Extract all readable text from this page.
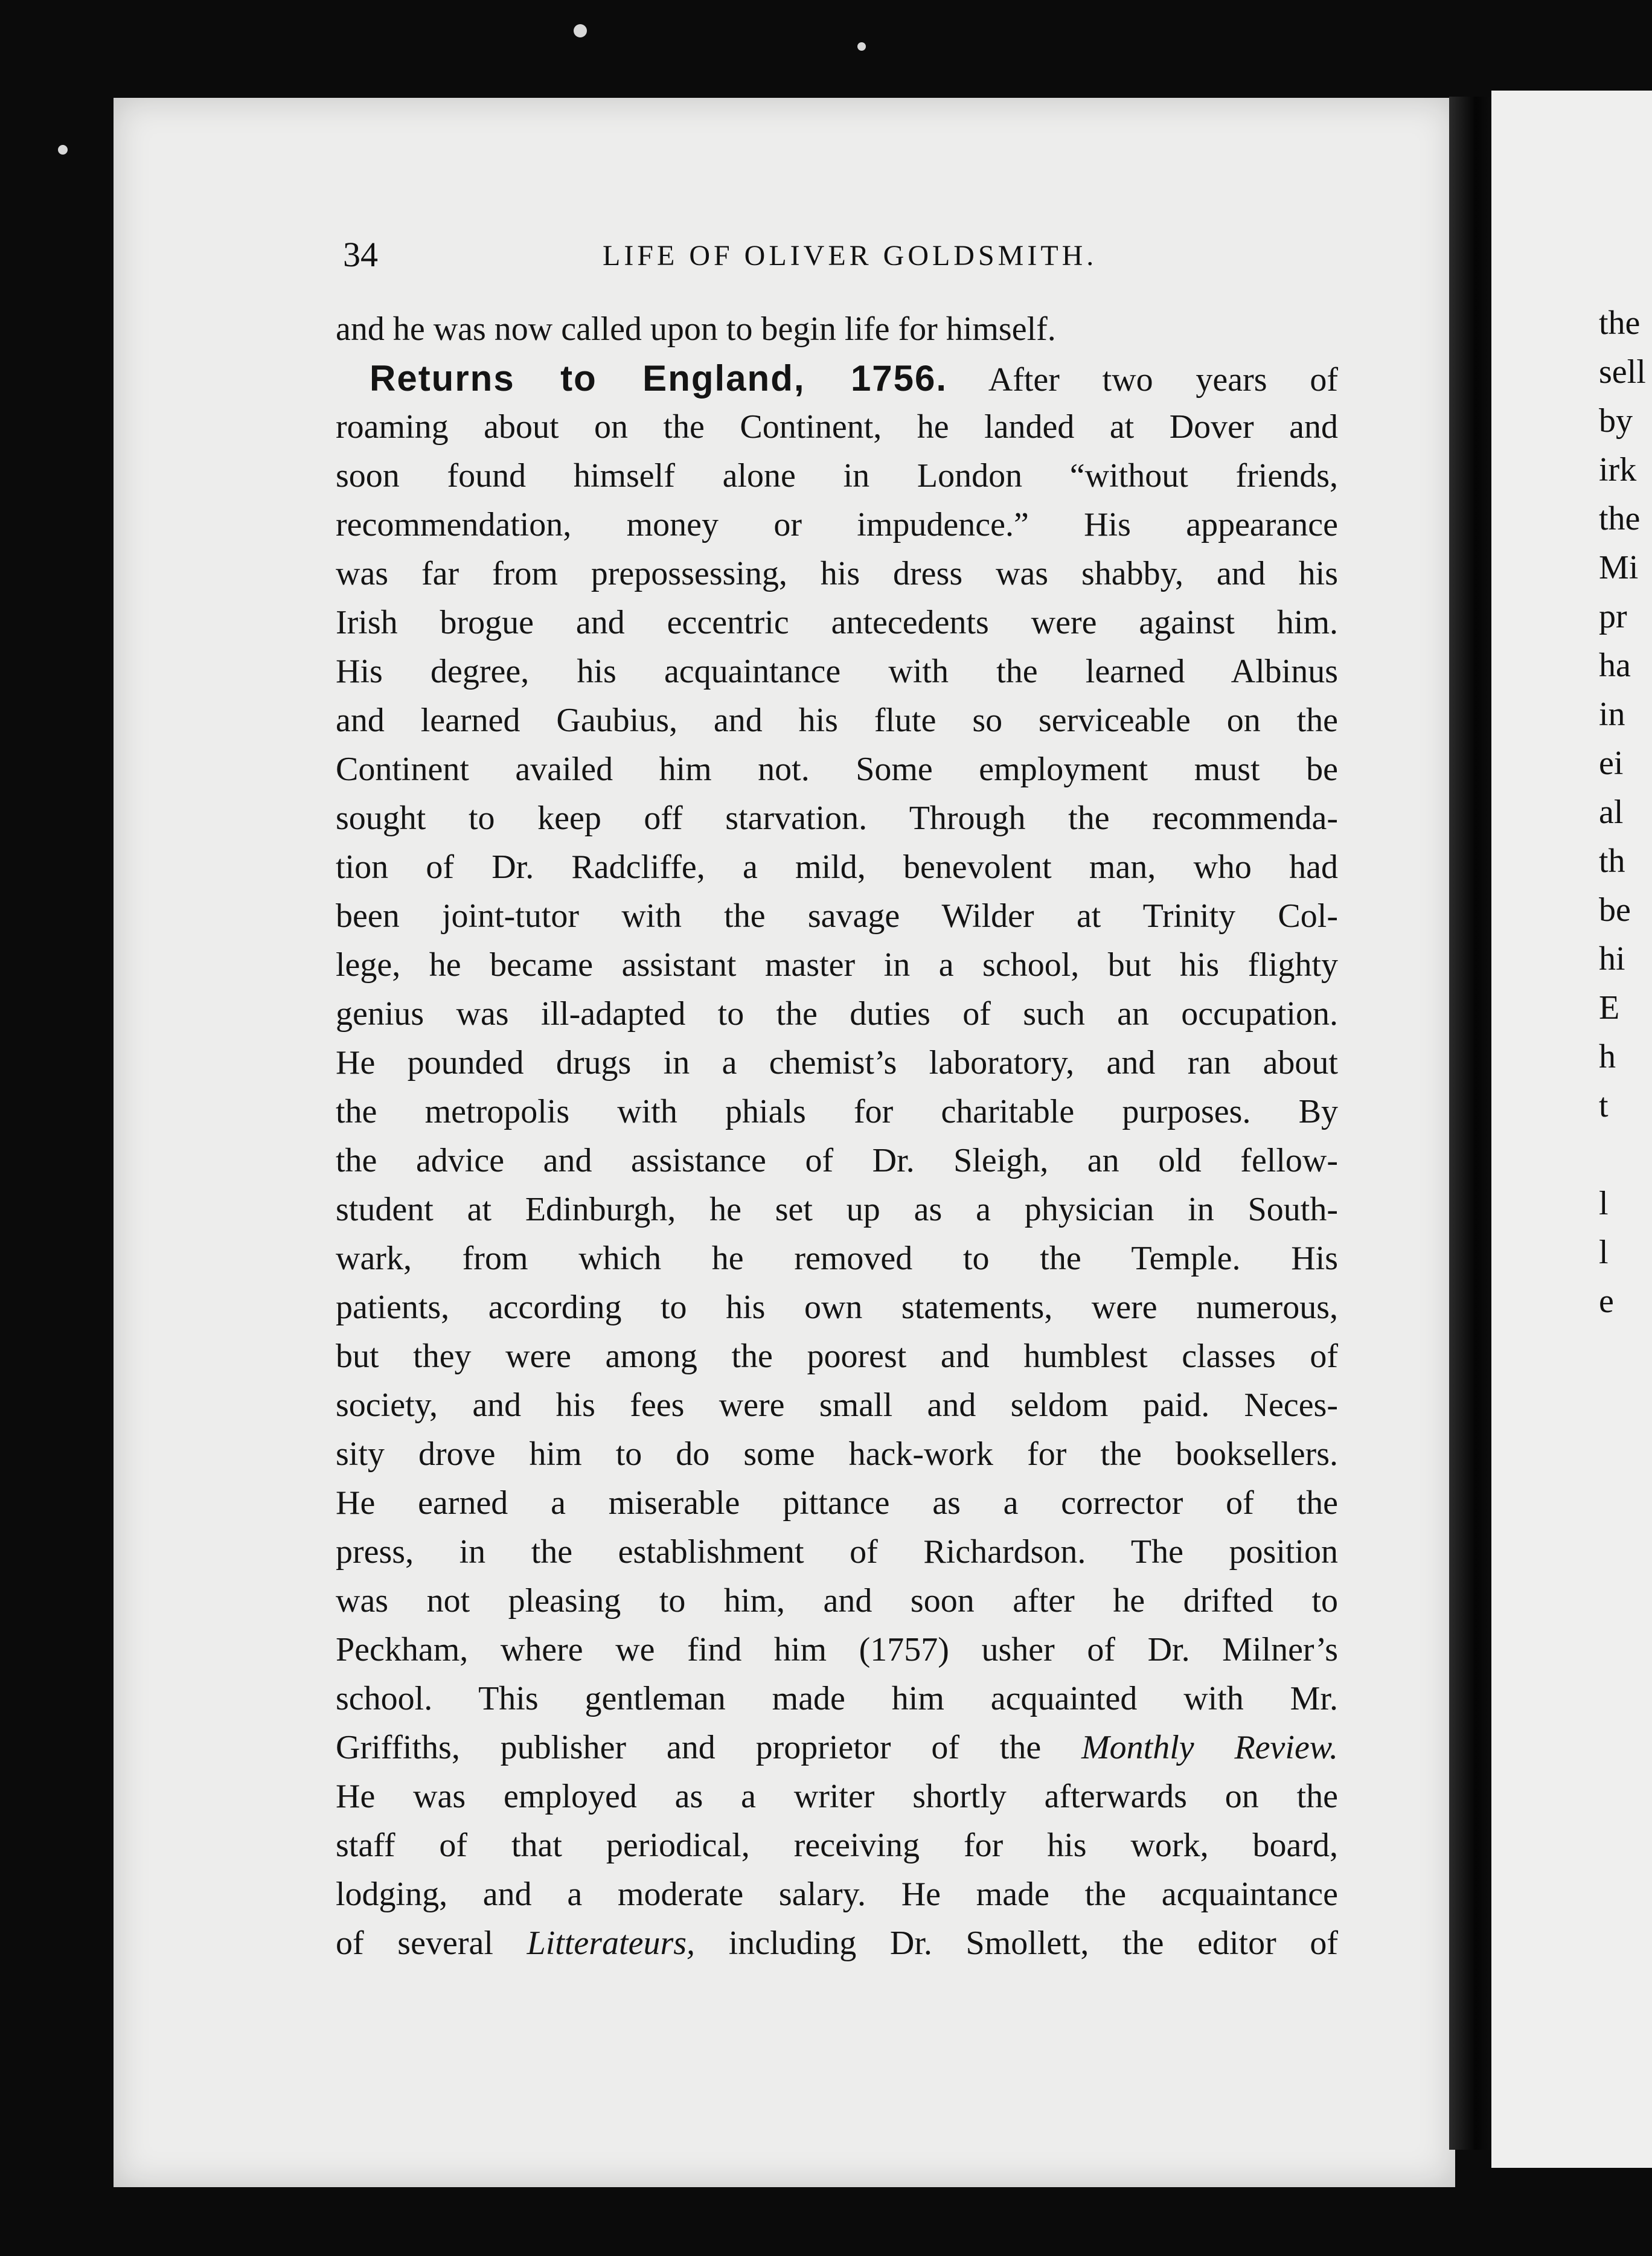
34	LIFE OF OLIVER GOLDSMITH.
and he was now called upon to begin life for himself.
Returns to England, 1756. After two years of
roaming about on the Continent, he landed at Dover and
soon found himself alone in London “without friends,
recommendation, money or impudence.” His appearance
was far from prepossessing, his dress was shabby, and his
Irish brogue and eccentric antecedents were against him.
His degree, his acquaintance with the learned Albinus
and learned Gaubius, and his flute so serviceable on the
Continent availed him not. Some employment must be
sought to keep off starvation. Through the recommenda-
tion of Dr. Radcliffe, a mild, benevolent man, who had
been joint-tutor with the savage Wilder at Trinity Col-
lege, he became assistant master in a school, but his flighty
genius was ill-adapted to the duties of such an occupation.
He pounded drugs in a chemist’s laboratory, and ran about
the metropolis with phials for charitable purposes. By
the advice and assistance of Dr. Sleigh, an old fellow-
student at Edinburgh, he set up as a physician in South-
wark, from which he removed to the Temple. His
patients, according to his own statements, were numerous,
but they were among the poorest and humblest classes of
society, and his fees were small and seldom paid. Neces-
sity drove him to do some hack-work for the booksellers.
He earned a miserable pittance as a corrector of the
press, in the establishment of Richardson. The position
was not pleasing to him, and soon after he drifted to
Peckham, where we find him (1757) usher of Dr. Milner’s
school. This gentleman made him acquainted with Mr.
Griffiths, publisher and proprietor of the Monthly Review.
He was employed as a writer shortly afterwards on the
staff of that periodical, receiving for his work, board,
lodging, and a moderate salary. He made the acquaintance
of several Litterateurs, including Dr. Smollett, the editor of
the
sell
by
irk
the
Mi
pr
ha
in
ei
al
th
be
hi
E
h
t
l
l
e
